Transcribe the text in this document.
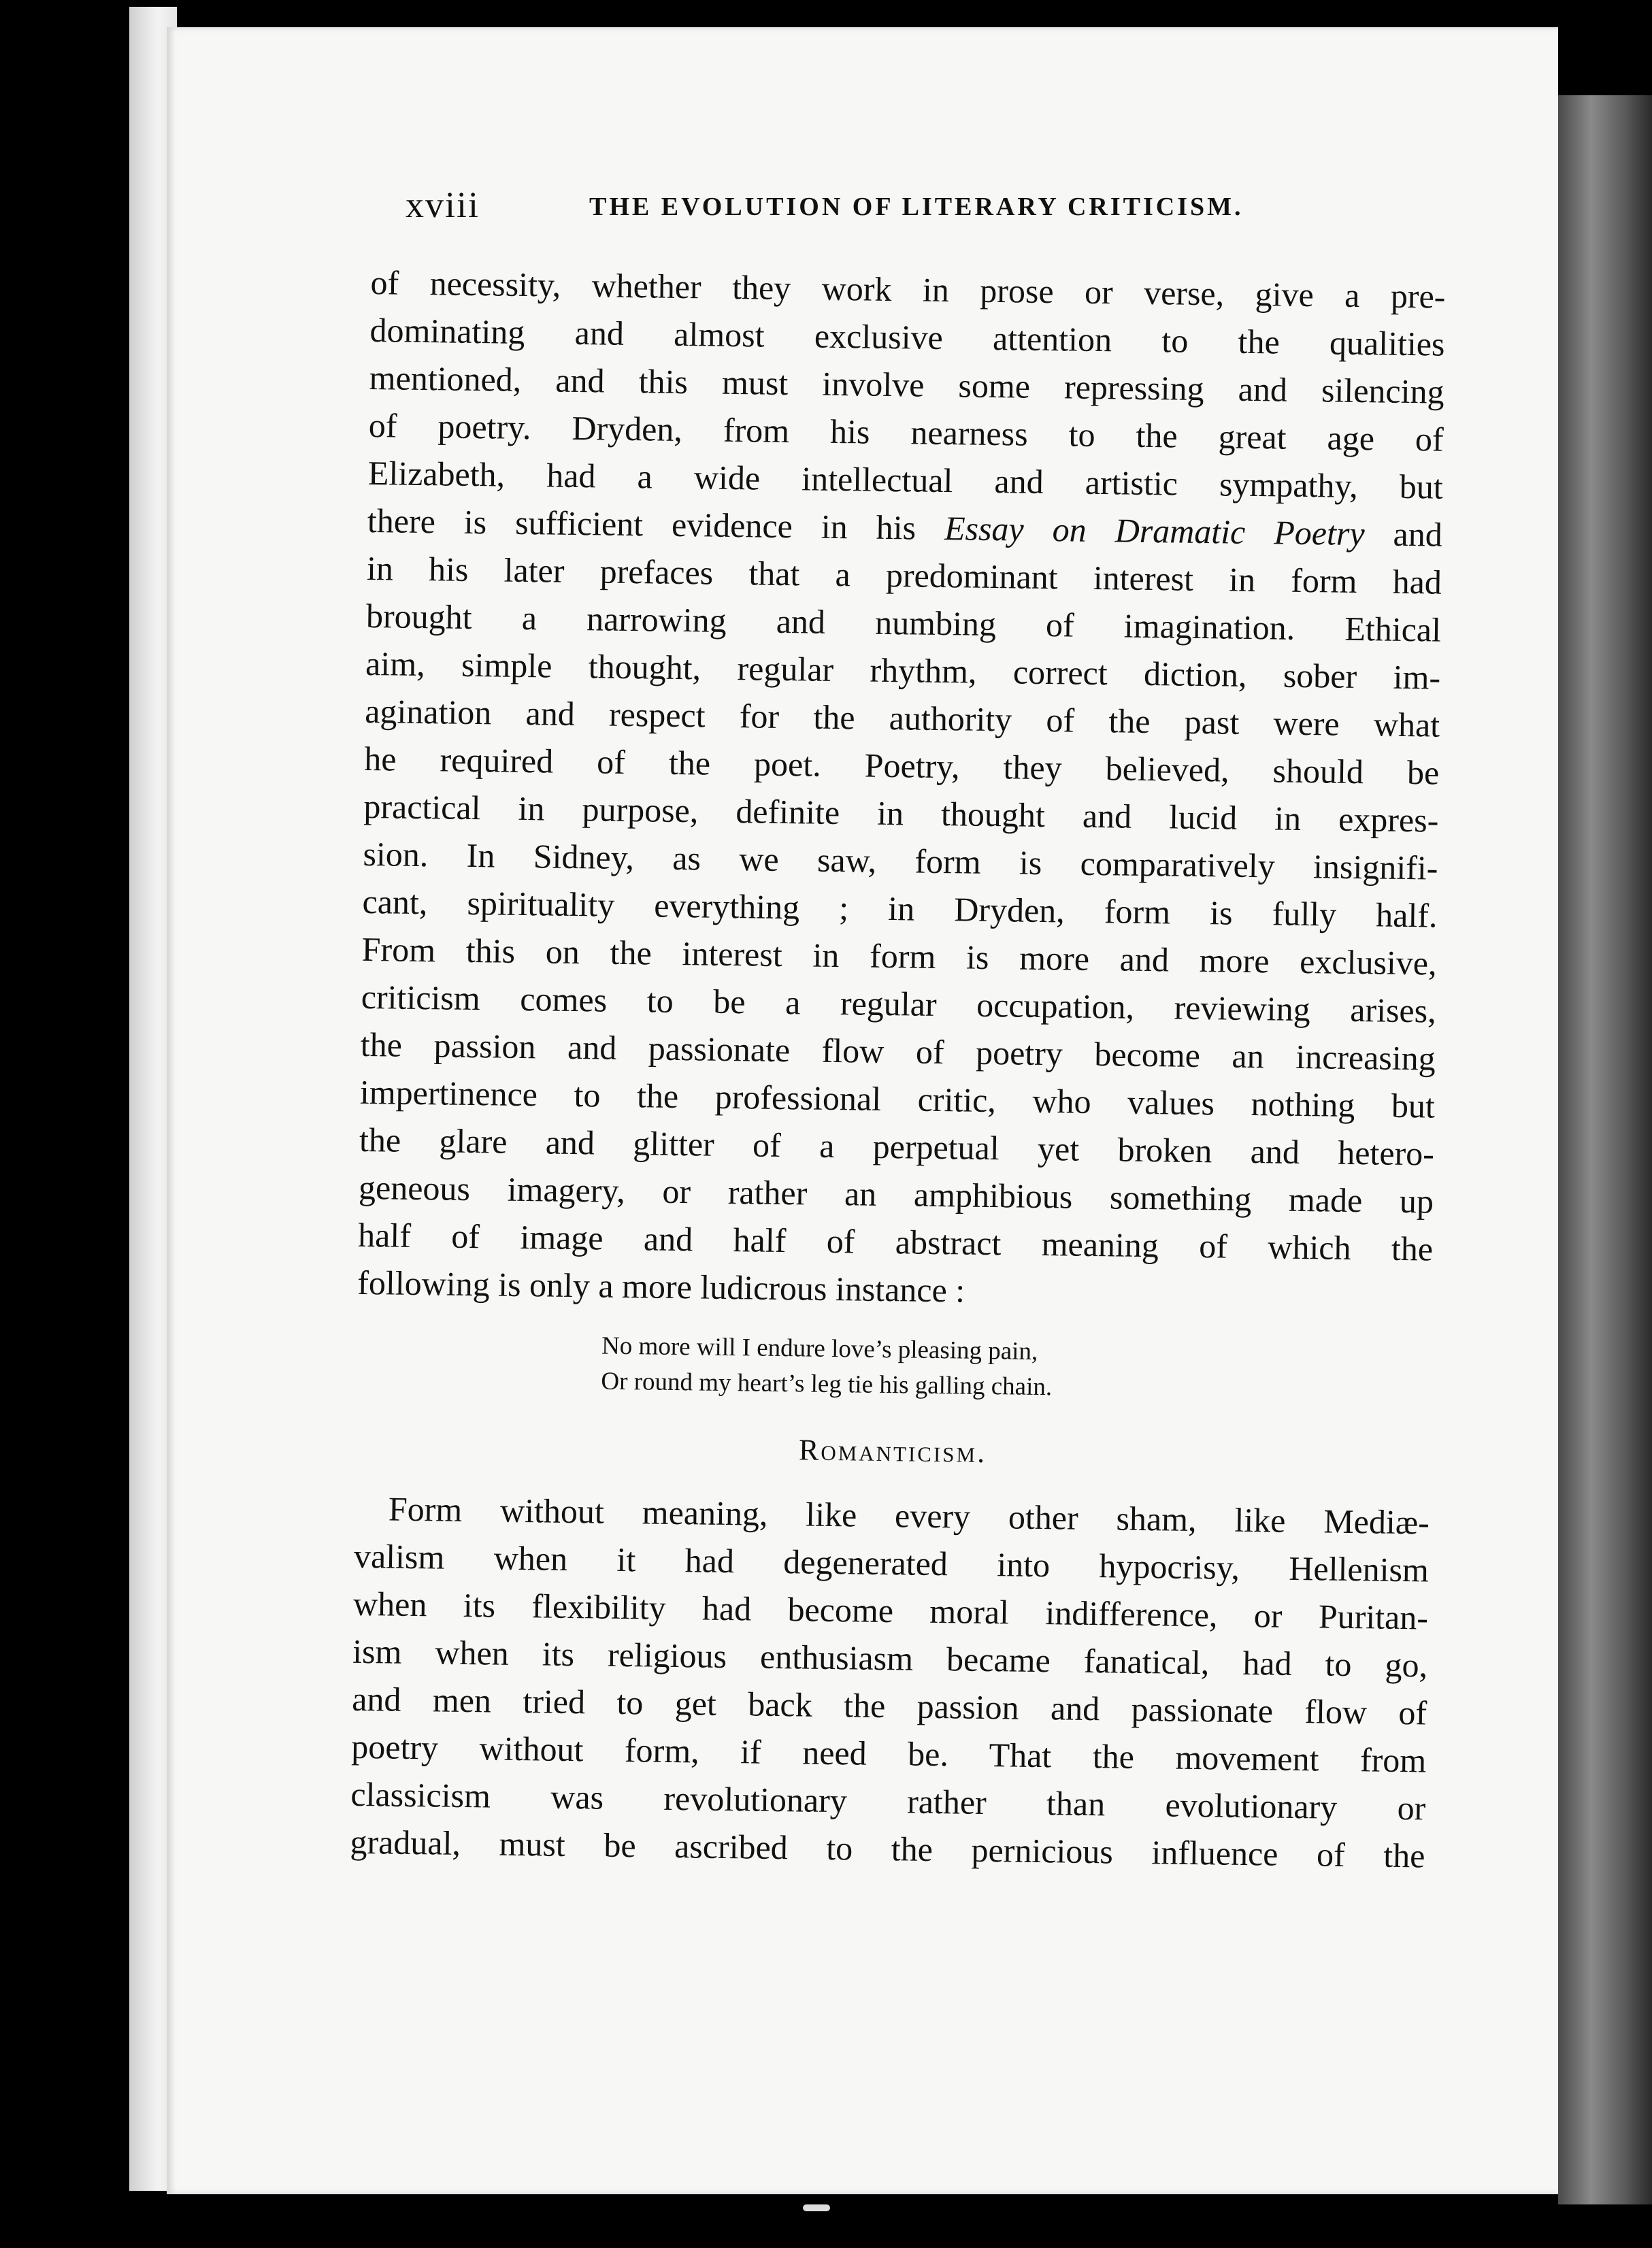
xviii	THE EVOLUTION OF LITERARY CRITICISM.
of necessity, whether they work in prose or verse, give a pre-
dominating and almost exclusive attention to the qualities
mentioned, and this must involve some repressing and silencing
of poetry. Dryden, from his nearness to the great age of
Elizabeth, had a wide intellectual and artistic sympathy, but
there is sufficient evidence in his Essay on Dramatic Poetry and
in his later prefaces that a predominant interest in form had
brought a narrowing and numbing of imagination. Ethical
aim, simple thought, regular rhythm, correct diction, sober im-
agination and respect for the authority of the past were what
he required of the poet. Poetry, they believed, should be
practical in purpose, definite in thought and lucid in expres-
sion. In Sidney, as we saw, form is comparatively insignifi-
cant, spirituality everything ; in Dryden, form is fully half.
From this on the interest in form is more and more exclusive,
criticism comes to be a regular occupation, reviewing arises,
the passion and passionate flow of poetry become an increasing
impertinence to the professional critic, who values nothing but
the glare and glitter of a perpetual yet broken and hetero-
geneous imagery, or rather an amphibious something made up
half of image and half of abstract meaning of which the
following is only a more ludicrous instance :
No more will I endure love’s pleasing pain,
Or round my heart’s leg tie his galling chain.
Romanticism.
Form without meaning, like every other sham, like Mediæ-
valism when it had degenerated into hypocrisy, Hellenism
when its flexibility had become moral indifference, or Puritan-
ism when its religious enthusiasm became fanatical, had to go,
and men tried to get back the passion and passionate flow of
poetry without form, if need be. That the movement from
classicism was revolutionary rather than evolutionary or
gradual, must be ascribed to the pernicious influence of the
